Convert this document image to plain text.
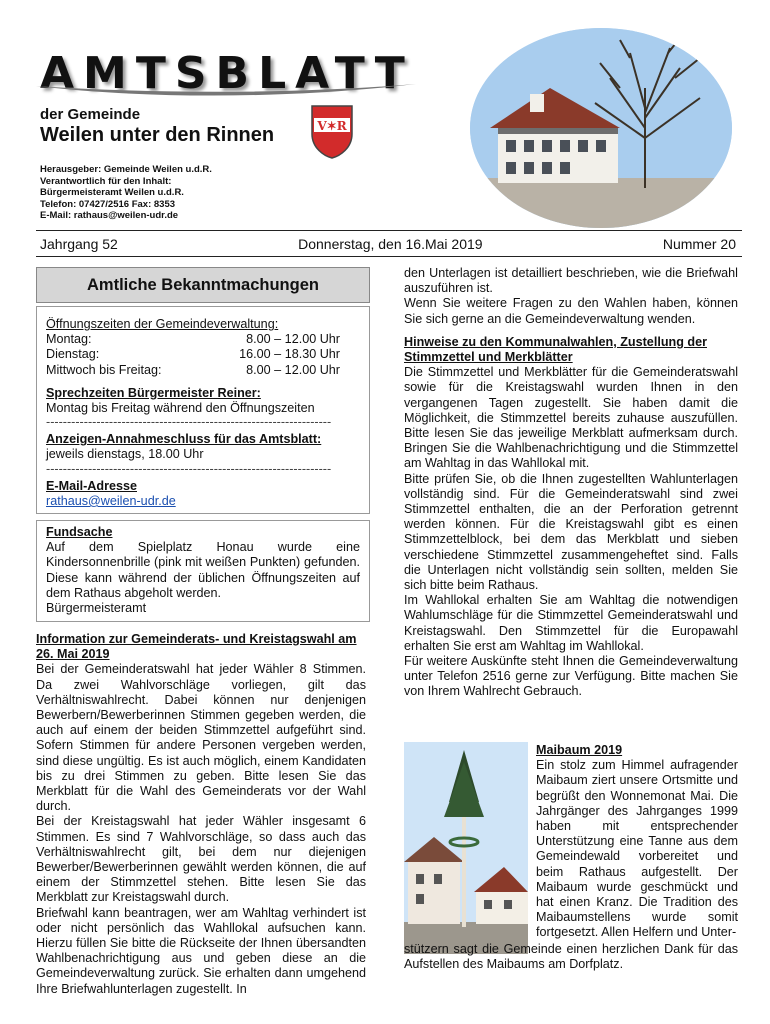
AMTSBLATT
der Gemeinde
Weilen unter den Rinnen	V✶R
Herausgeber: Gemeinde Weilen u.d.R.
Verantwortlich für den Inhalt:
Bürgermeisteramt Weilen u.d.R.
Telefon: 07427/2516 Fax: 8353
E-Mail: rathaus@weilen-udr.de
Jahrgang 52	Donnerstag, den 16.Mai 2019	Nummer 20
Amtliche Bekanntmachungen
Öffnungszeiten der Gemeindeverwaltung:
Montag:	8.00 – 12.00 Uhr
Dienstag:	16.00 – 18.30 Uhr
Mittwoch bis Freitag:	8.00 – 12.00 Uhr
Sprechzeiten Bürgermeister Reiner:
Montag bis Freitag während den Öffnungszeiten
--------------------------------------------------------------------
Anzeigen-Annahmeschluss für das Amtsblatt:
jeweils dienstags, 18.00 Uhr
--------------------------------------------------------------------
E-Mail-Adresse
rathaus@weilen-udr.de
Fundsache
Auf dem Spielplatz Honau wurde eine Kindersonnenbrille (pink mit weißen Punkten) gefunden. Diese kann während der üblichen Öffnungszeiten auf dem Rathaus abgeholt werden.
Bürgermeisteramt
Information zur Gemeinderats- und Kreistagswahl am 26. Mai 2019
Bei der Gemeinderatswahl hat jeder Wähler 8 Stimmen. Da zwei Wahlvorschläge vorliegen, gilt das Verhältniswahlrecht. Dabei können nur denjenigen Bewerbern/Bewerberinnen Stimmen gegeben werden, die auch auf einem der beiden Stimmzettel aufgeführt sind. Sofern Stimmen für andere Personen vergeben werden, sind diese ungültig. Es ist auch möglich, einem Kandidaten bis zu drei Stimmen zu geben. Bitte lesen Sie das Merkblatt für die Wahl des Gemeinderats vor der Wahl durch.
Bei der Kreistagswahl hat jeder Wähler insgesamt 6 Stimmen. Es sind 7 Wahlvorschläge, so dass auch das Verhältniswahlrecht gilt, bei dem nur diejenigen Bewerber/Bewerberinnen gewählt werden können, die auf einem der Stimmzettel stehen. Bitte lesen Sie das Merkblatt zur Kreistagswahl durch.
Briefwahl kann beantragen, wer am Wahltag verhindert ist oder nicht persönlich das Wahllokal aufsuchen kann. Hierzu füllen Sie bitte die Rückseite der Ihnen übersandten Wahlbenachrichtigung aus und geben diese an die Gemeindeverwaltung zurück. Sie erhalten dann umgehend Ihre Briefwahlunterlagen zugestellt. In
den Unterlagen ist detailliert beschrieben, wie die Briefwahl auszuführen ist.
Wenn Sie weitere Fragen zu den Wahlen haben, können Sie sich gerne an die Gemeindeverwaltung wenden.
Hinweise zu den Kommunalwahlen, Zustellung der Stimmzettel und Merkblätter
Die Stimmzettel und Merkblätter für die Gemeinderatswahl sowie für die Kreistagswahl wurden Ihnen in den vergangenen Tagen zugestellt. Sie haben damit die Möglichkeit, die Stimmzettel bereits zuhause auszufüllen. Bitte lesen Sie das jeweilige Merkblatt aufmerksam durch. Bringen Sie die Wahlbenachrichtigung und die Stimmzettel am Wahltag in das Wahllokal mit.
Bitte prüfen Sie, ob die Ihnen zugestellten Wahlunterlagen vollständig sind. Für die Gemeinderatswahl sind zwei Stimmzettel enthalten, die an der Perforation getrennt werden können. Für die Kreistagswahl gibt es einen Stimmzettelblock, bei dem das Merkblatt und sieben verschiedene Stimmzettel zusammengeheftet sind. Falls die Unterlagen nicht vollständig sein sollten, melden Sie sich bitte beim Rathaus.
Im Wahllokal erhalten Sie am Wahltag die notwendigen Wahlumschläge für die Stimmzettel Gemeinderatswahl und Kreistagswahl. Den Stimmzettel für die Europawahl erhalten Sie erst am Wahltag im Wahllokal.
Für weitere Auskünfte steht Ihnen die Gemeindeverwaltung unter Telefon 2516 gerne zur Verfügung. Bitte machen Sie von Ihrem Wahlrecht Gebrauch.
Maibaum 2019
Ein stolz zum Himmel aufragender Maibaum ziert unsere Ortsmitte und begrüßt den Wonnemonat Mai. Die Jahrgänger des Jahrganges 1999 haben mit entsprechender Unterstützung eine Tanne aus dem Gemeindewald vorbereitet und beim Rathaus aufgestellt. Der Maibaum wurde geschmückt und hat einen Kranz. Die Tradition des Maibaumstellens wurde somit fortgesetzt. Allen Helfern und Unter-
stützern sagt die Gemeinde einen herzlichen Dank für das Aufstellen des Maibaums am Dorfplatz.
